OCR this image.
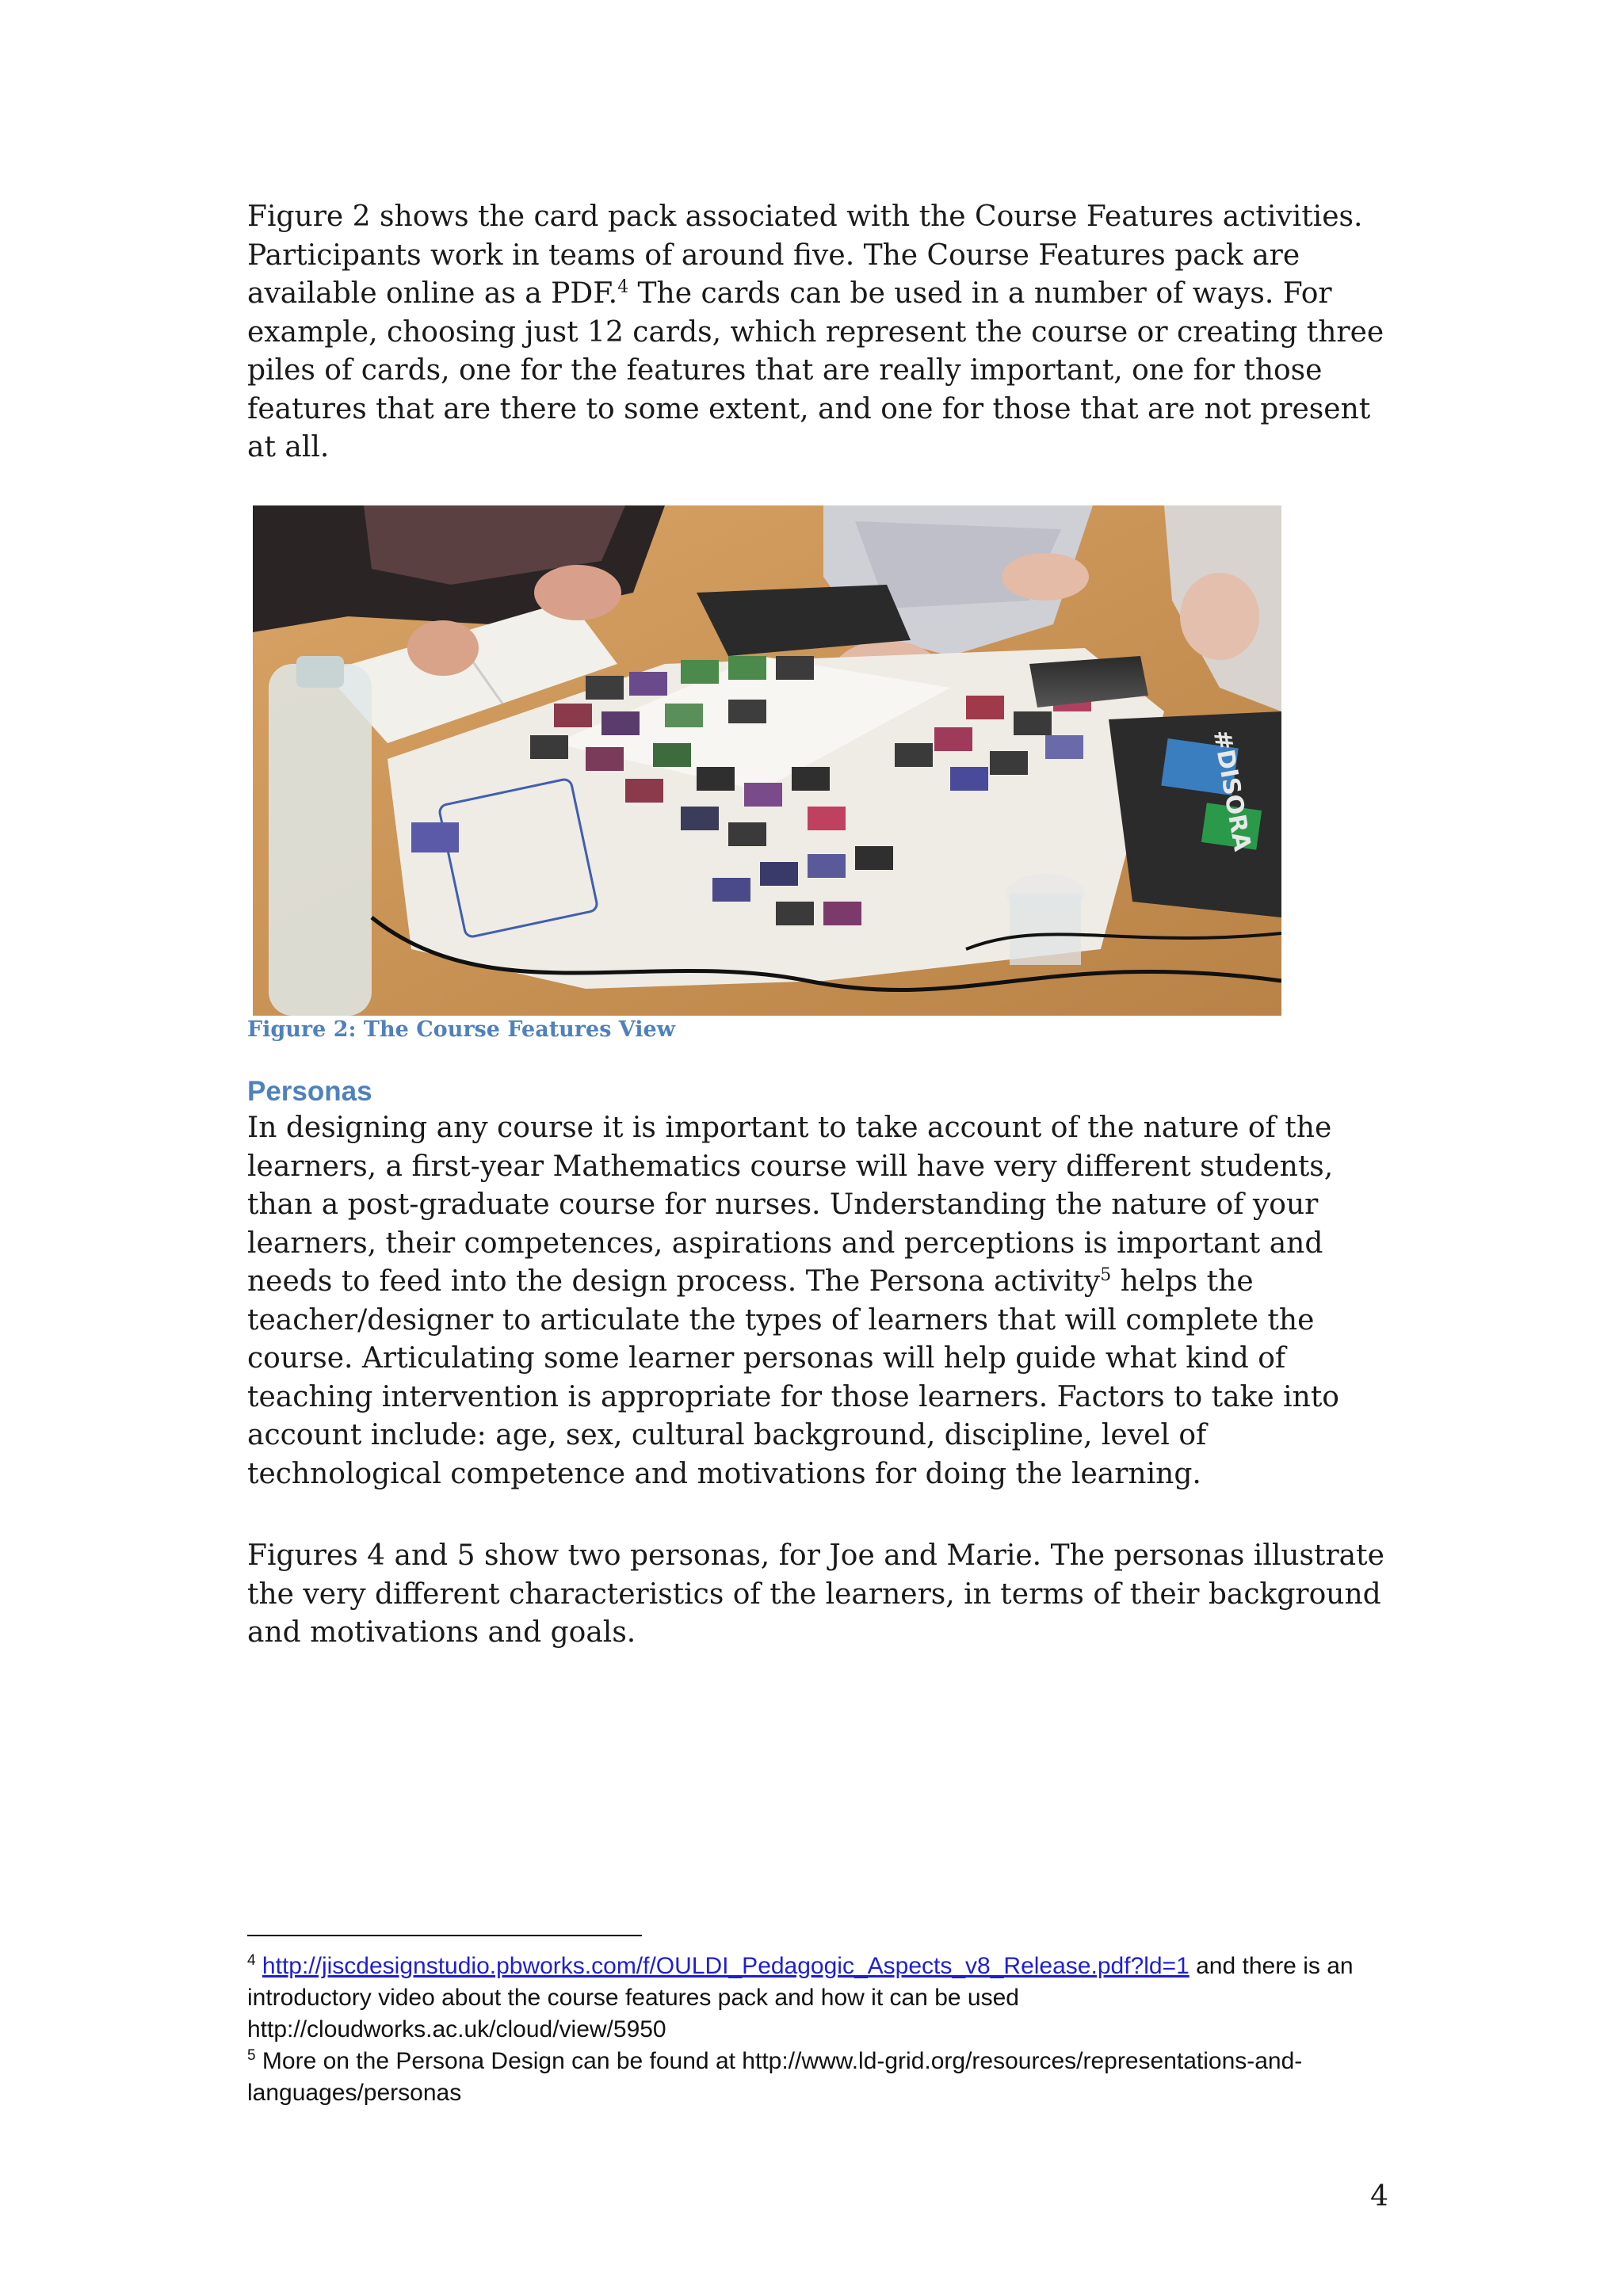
Figure 2 shows the card pack associated with the Course Features activities. Participants work in teams of around five. The Course Features pack are available online as a PDF.$^4$ The cards can be used in a number of ways. For example, choosing just 12 cards, which represent the course or creating three piles of cards, one for the features that are really important, one for those features that are there to some extent, and one for those that are not present at all.

#DISORA

Figure 2: The Course Features View

Personas

In designing any course it is important to take account of the nature of the learners, a first-year Mathematics course will have very different students, than a post-graduate course for nurses. Understanding the nature of your learners, their competences, aspirations and perceptions is important and needs to feed into the design process. The Persona activity$^5$ helps the teacher/designer to articulate the types of learners that will complete the course. Articulating some learner personas will help guide what kind of teaching intervention is appropriate for those learners. Factors to take into account include: age, sex, cultural background, discipline, level of technological competence and motivations for doing the learning.

Figures 4 and 5 show two personas, for Joe and Marie. The personas illustrate the very different characteristics of the learners, in terms of their background and motivations and goals.

$^4$ http://jiscdesignstudio.pbworks.com/f/OULDI_Pedagogic_Aspects_v8_Release.pdf?ld=1 and there is an introductory video about the course features pack and how it can be used http://cloudworks.ac.uk/cloud/view/5950

$^5$ More on the Persona Design can be found at http://www.ld-grid.org/resources/representations-and-languages/personas

4
